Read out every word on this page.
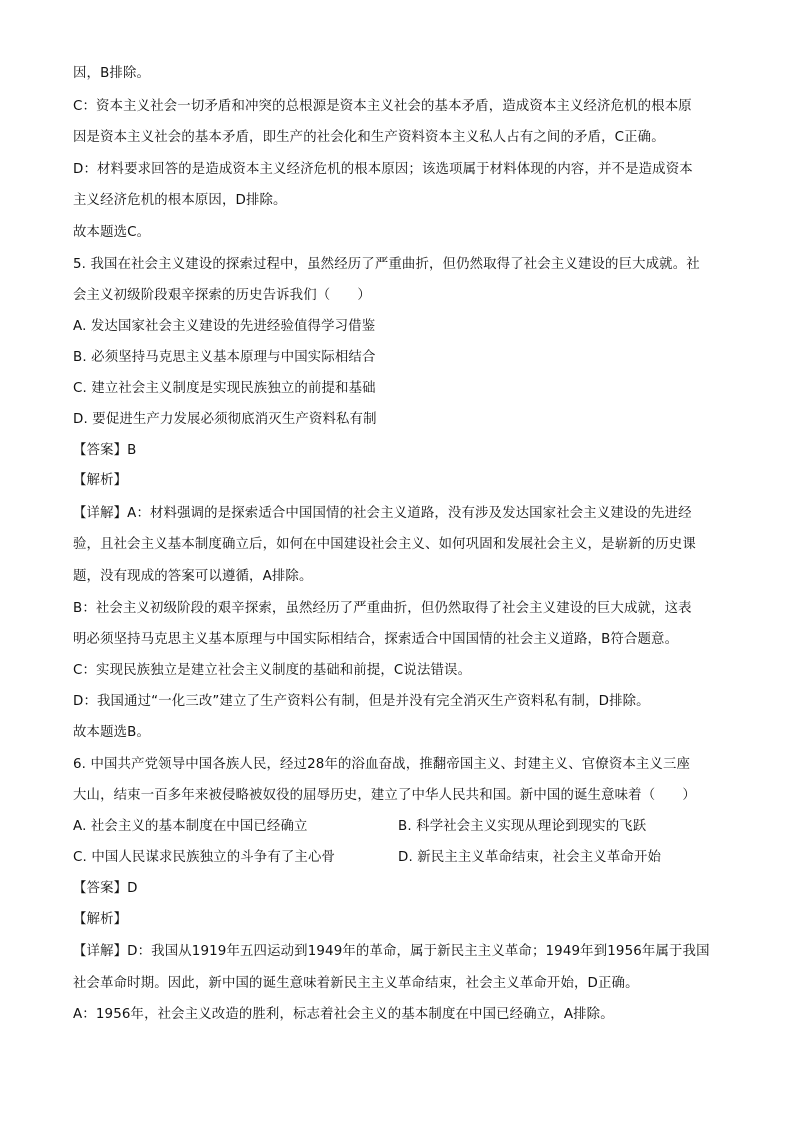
因，B排除。
C：资本主义社会一切矛盾和冲突的总根源是资本主义社会的基本矛盾，造成资本主义经济危机的根本原
因是资本主义社会的基本矛盾，即生产的社会化和生产资料资本主义私人占有之间的矛盾，C正确。
D：材料要求回答的是造成资本主义经济危机的根本原因；该选项属于材料体现的内容，并不是造成资本
主义经济危机的根本原因，D排除。
故本题选C。
5. 我国在社会主义建设的探索过程中，虽然经历了严重曲折，但仍然取得了社会主义建设的巨大成就。社
会主义初级阶段艰辛探索的历史告诉我们（　　）
A. 发达国家社会主义建设的先进经验值得学习借鉴
B. 必须坚持马克思主义基本原理与中国实际相结合
C. 建立社会主义制度是实现民族独立的前提和基础
D. 要促进生产力发展必须彻底消灭生产资料私有制
【答案】B
【解析】
【详解】A：材料强调的是探索适合中国国情的社会主义道路，没有涉及发达国家社会主义建设的先进经
验，且社会主义基本制度确立后，如何在中国建设社会主义、如何巩固和发展社会主义，是崭新的历史课
题，没有现成的答案可以遵循，A排除。
B：社会主义初级阶段的艰辛探索，虽然经历了严重曲折，但仍然取得了社会主义建设的巨大成就，这表
明必须坚持马克思主义基本原理与中国实际相结合，探索适合中国国情的社会主义道路，B符合题意。
C：实现民族独立是建立社会主义制度的基础和前提，C说法错误。
D：我国通过“一化三改”建立了生产资料公有制，但是并没有完全消灭生产资料私有制，D排除。
故本题选B。
6. 中国共产党领导中国各族人民，经过28年的浴血奋战，推翻帝国主义、封建主义、官僚资本主义三座
大山，结束一百多年来被侵略被奴役的屈辱历史，建立了中华人民共和国。新中国的诞生意味着（　　）
A. 社会主义的基本制度在中国已经确立	B. 科学社会主义实现从理论到现实的飞跃
C. 中国人民谋求民族独立的斗争有了主心骨	D. 新民主主义革命结束，社会主义革命开始
【答案】D
【解析】
【详解】D：我国从1919年五四运动到1949年的革命，属于新民主主义革命；1949年到1956年属于我国
社会革命时期。因此，新中国的诞生意味着新民主主义革命结束，社会主义革命开始，D正确。
A：1956年，社会主义改造的胜利，标志着社会主义的基本制度在中国已经确立，A排除。
